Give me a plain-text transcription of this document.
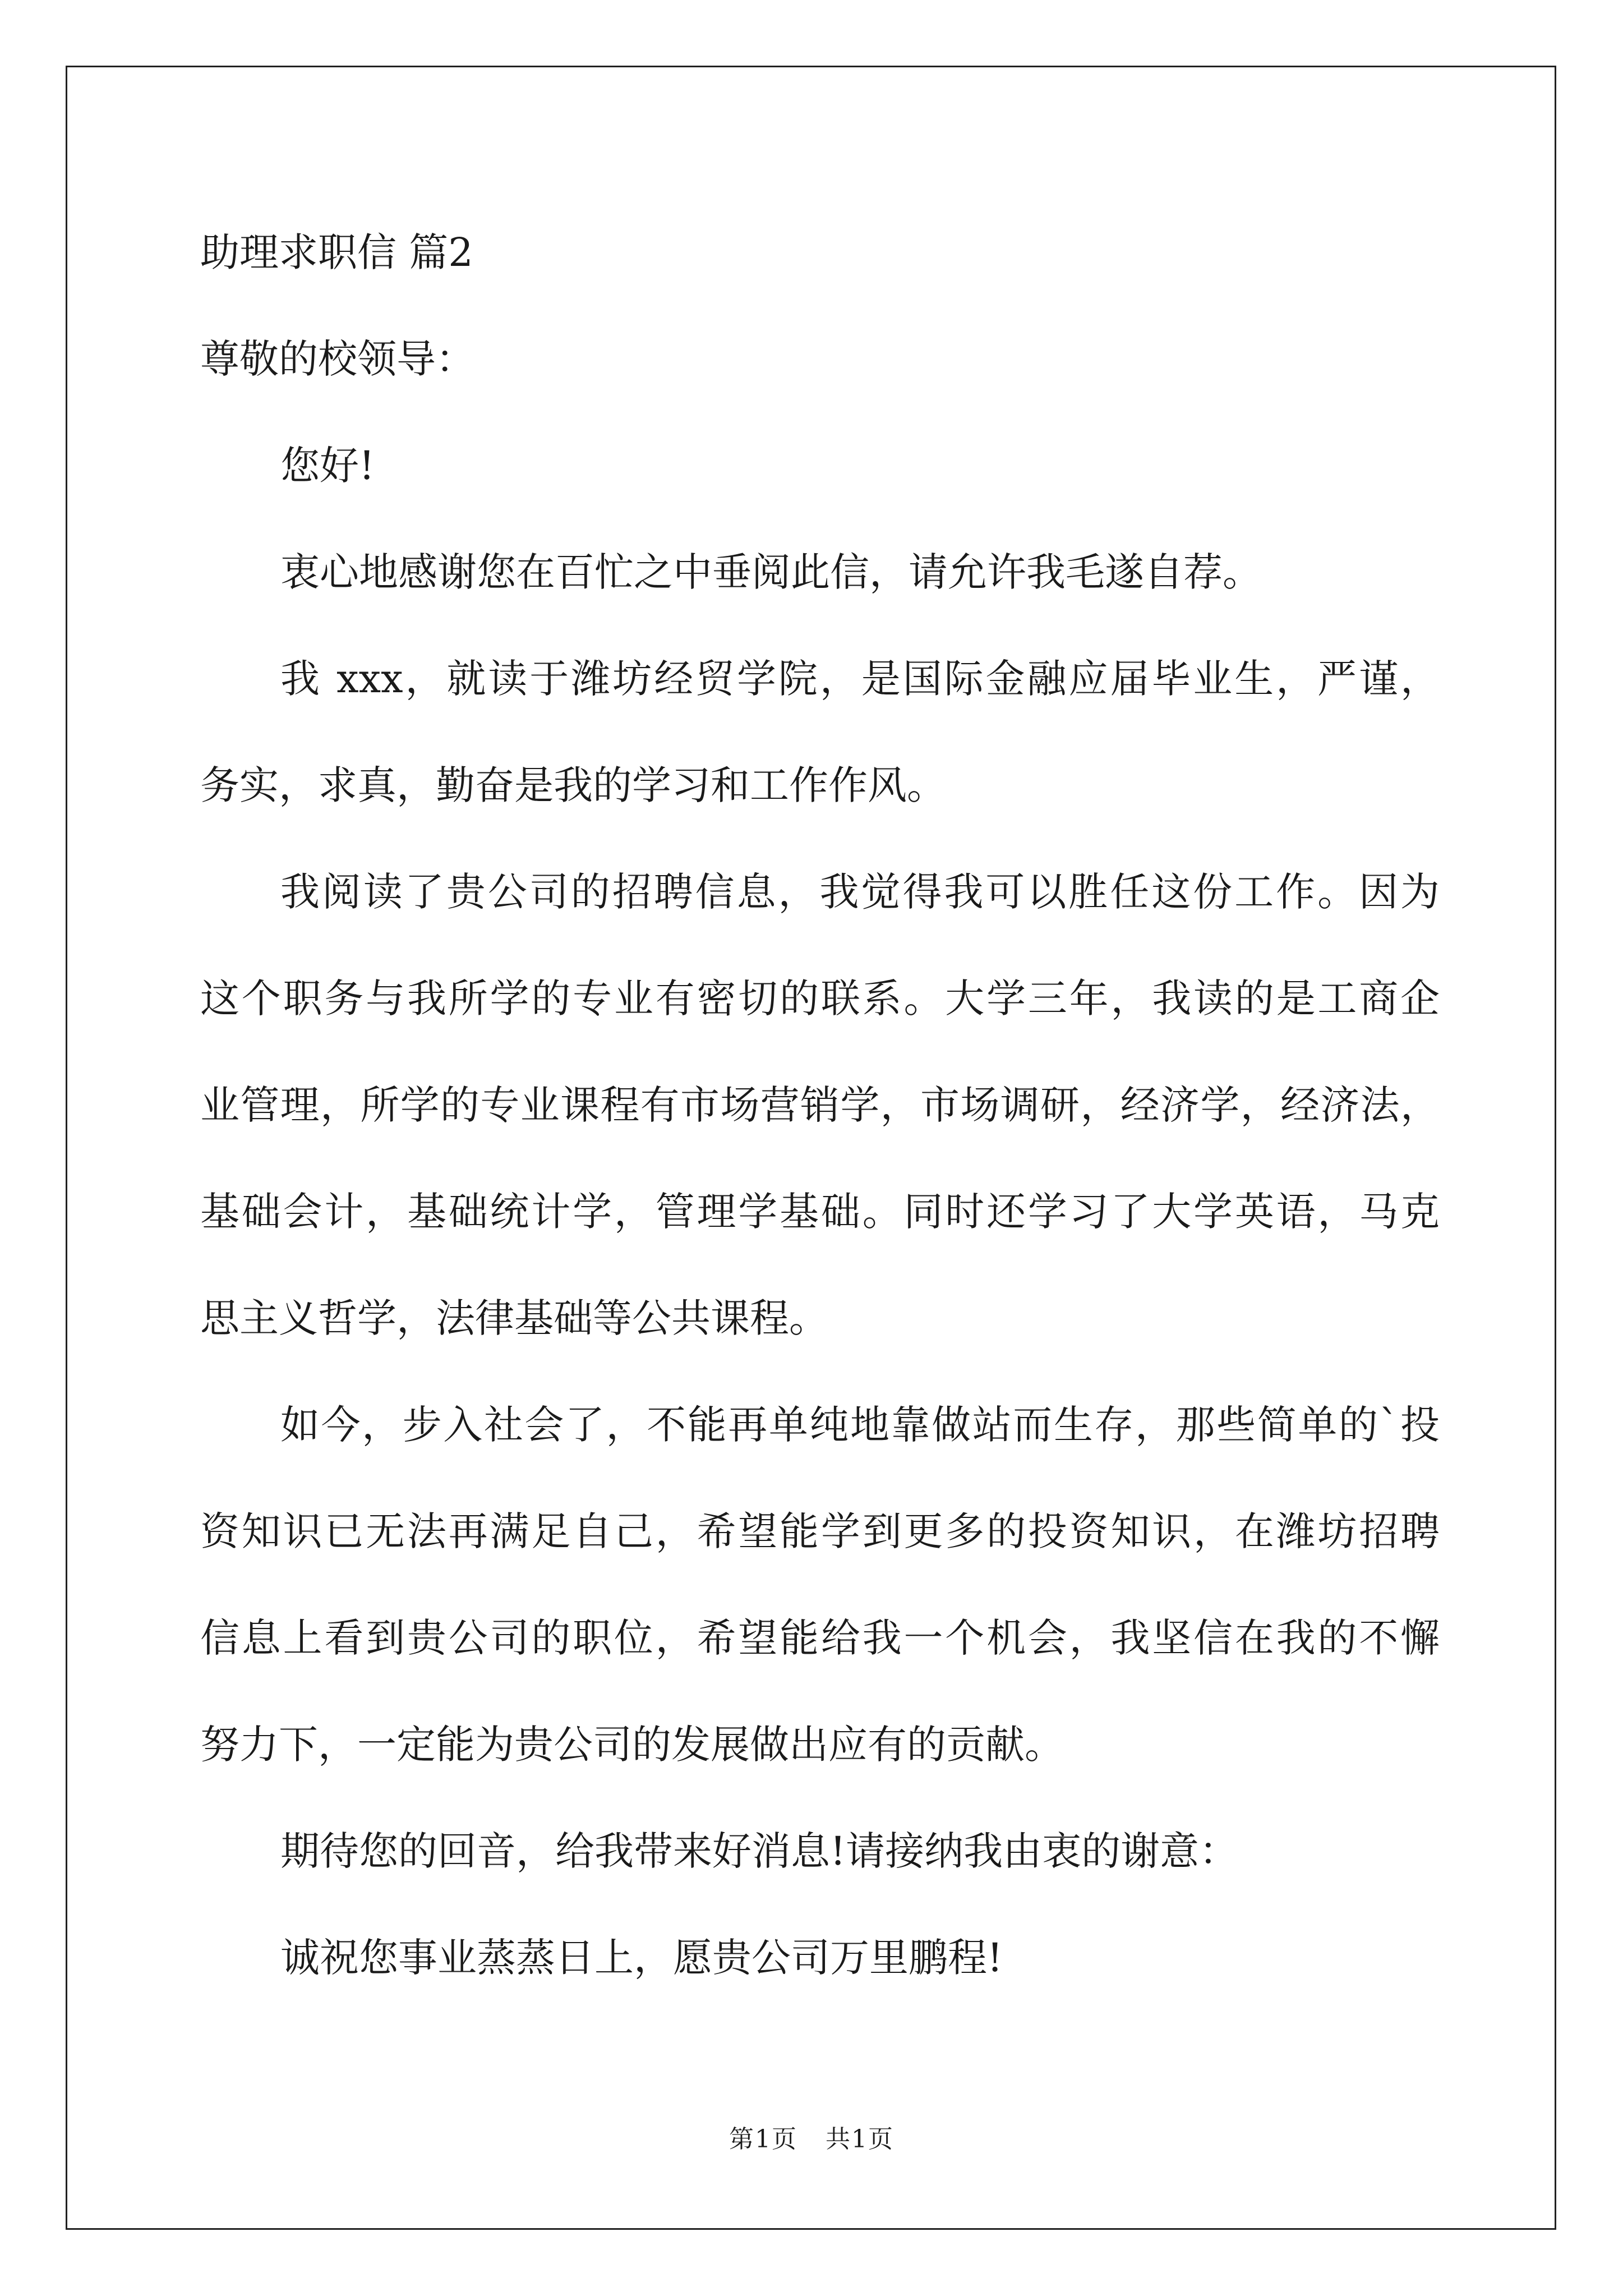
助理求职信 篇2

尊敬的校领导：

您好!

衷心地感谢您在百忙之中垂阅此信，请允许我毛遂自荐。

我 xxx，就读于潍坊经贸学院，是国际金融应届毕业生，严谨，

务实，求真，勤奋是我的学习和工作作风。

我阅读了贵公司的招聘信息，我觉得我可以胜任这份工作。因为

这个职务与我所学的专业有密切的联系。大学三年，我读的是工商企

业管理，所学的专业课程有市场营销学，市场调研，经济学，经济法，

基础会计，基础统计学，管理学基础。同时还学习了大学英语，马克

思主义哲学，法律基础等公共课程。

如今，步入社会了，不能再单纯地靠做站而生存，那些简单的`投

资知识已无法再满足自己，希望能学到更多的投资知识，在潍坊招聘

信息上看到贵公司的职位，希望能给我一个机会，我坚信在我的不懈

努力下，一定能为贵公司的发展做出应有的贡献。

期待您的回音，给我带来好消息!请接纳我由衷的谢意：

诚祝您事业蒸蒸日上，愿贵公司万里鹏程!

第1页 共1页
